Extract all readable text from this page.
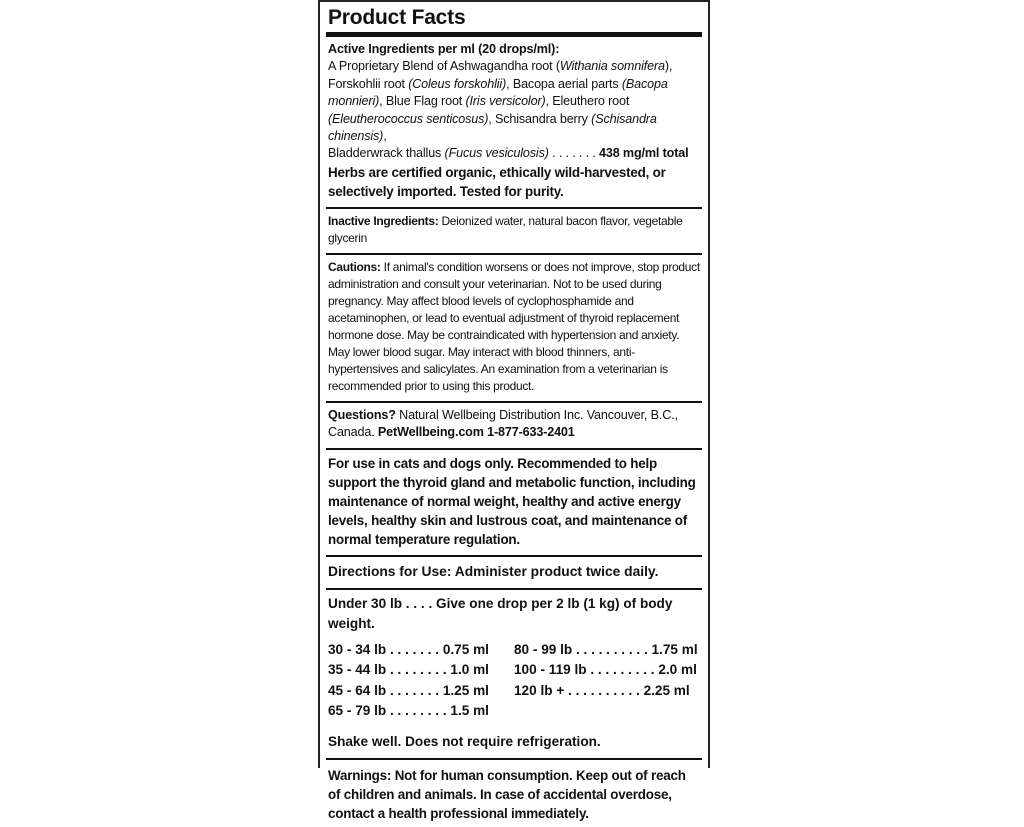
Product Facts
Active Ingredients per ml (20 drops/ml):
A Proprietary Blend of Ashwagandha root (Withania somnifera),
Forskohlii root (Coleus forskohlii), Bacopa aerial parts (Bacopa
monnieri), Blue Flag root (Iris versicolor), Eleuthero root
(Eleutherococcus senticosus), Schisandra berry (Schisandra chinensis),
Bladderwrack thallus (Fucus vesiculosis) . . . . . . . 438 mg/ml total
Herbs are certified organic, ethically wild-harvested, or selectively imported. Tested for purity.
Inactive Ingredients: Deionized water, natural bacon flavor, vegetable glycerin
Cautions: If animal's condition worsens or does not improve, stop product administration and consult your veterinarian. Not to be used during pregnancy. May affect blood levels of cyclophosphamide and acetaminophen, or lead to eventual adjustment of thyroid replacement hormone dose. May be contraindicated with hypertension and anxiety. May lower blood sugar. May interact with blood thinners, anti-hypertensives and salicylates. An examination from a veterinarian is recommended prior to using this product.
Questions? Natural Wellbeing Distribution Inc. Vancouver, B.C., Canada. PetWellbeing.com 1-877-633-2401
For use in cats and dogs only. Recommended to help support the thyroid gland and metabolic function, including maintenance of normal weight, healthy and active energy levels, healthy skin and lustrous coat, and maintenance of normal temperature regulation.
Directions for Use: Administer product twice daily.
Under 30 lb . . . . Give one drop per 2 lb (1 kg) of body weight.
30 - 34 lb . . . . . . . 0.75 ml
35 - 44 lb . . . . . . . . 1.0 ml
45 - 64 lb . . . . . . . 1.25 ml
65 - 79 lb . . . . . . . . 1.5 ml
80 - 99 lb . . . . . . . . . . 1.75 ml
100 - 119 lb . . . . . . . . . 2.0 ml
120 lb + . . . . . . . . . . 2.25 ml
Shake well. Does not require refrigeration.
Warnings: Not for human consumption. Keep out of reach of children and animals. In case of accidental overdose, contact a health professional immediately.
